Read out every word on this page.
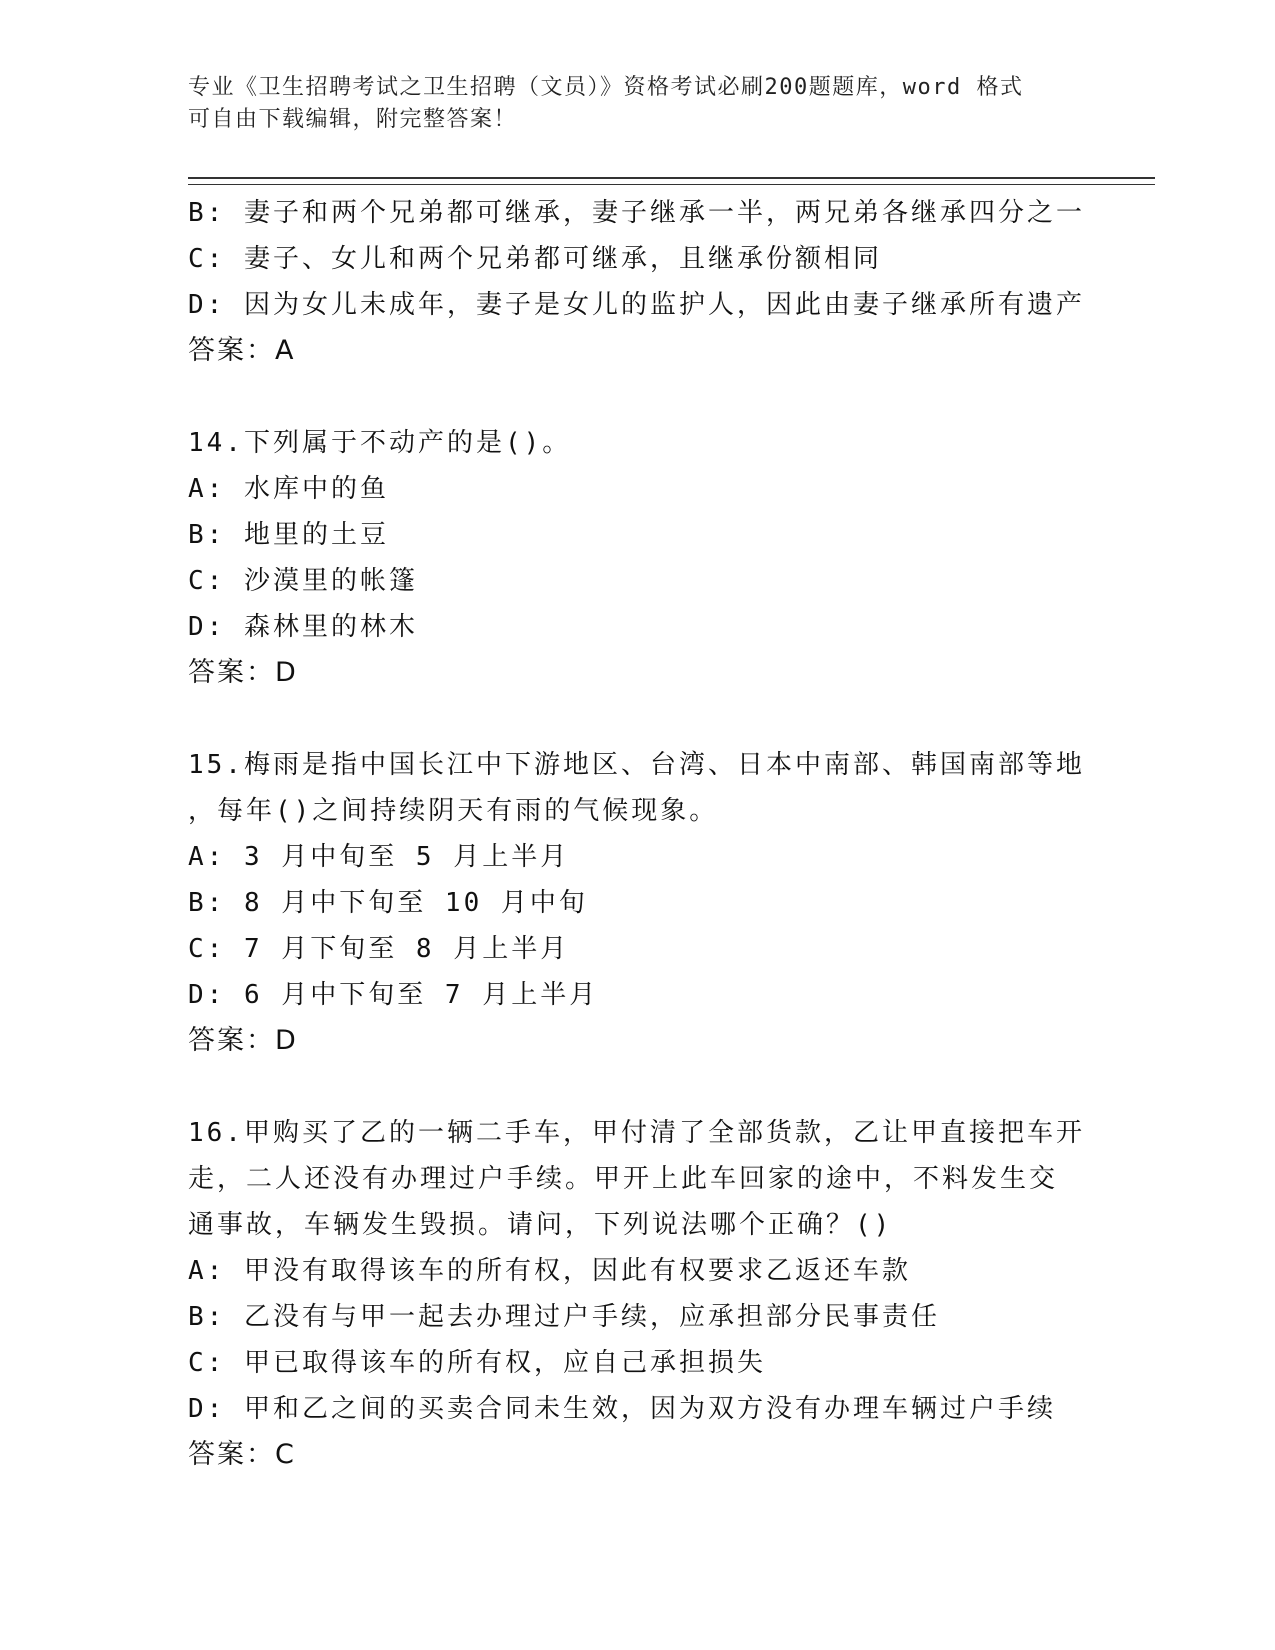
专业《卫生招聘考试之卫生招聘（文员）》资格考试必刷200题题库，word 格式
可自由下载编辑，附完整答案！
B: 妻子和两个兄弟都可继承，妻子继承一半，两兄弟各继承四分之一
C: 妻子、女儿和两个兄弟都可继承，且继承份额相同
D: 因为女儿未成年，妻子是女儿的监护人，因此由妻子继承所有遗产
答案：A
14.下列属于不动产的是()。
A: 水库中的鱼
B: 地里的土豆
C: 沙漠里的帐篷
D: 森林里的林木
答案：D
15.梅雨是指中国长江中下游地区、台湾、日本中南部、韩国南部等地
，每年()之间持续阴天有雨的气候现象。
A: 3 月中旬至 5 月上半月
B: 8 月中下旬至 10 月中旬
C: 7 月下旬至 8 月上半月
D: 6 月中下旬至 7 月上半月
答案：D
16.甲购买了乙的一辆二手车，甲付清了全部货款，乙让甲直接把车开
走，二人还没有办理过户手续。甲开上此车回家的途中，不料发生交
通事故，车辆发生毁损。请问，下列说法哪个正确？()
A: 甲没有取得该车的所有权，因此有权要求乙返还车款
B: 乙没有与甲一起去办理过户手续，应承担部分民事责任
C: 甲已取得该车的所有权，应自己承担损失
D: 甲和乙之间的买卖合同未生效，因为双方没有办理车辆过户手续
答案：C
